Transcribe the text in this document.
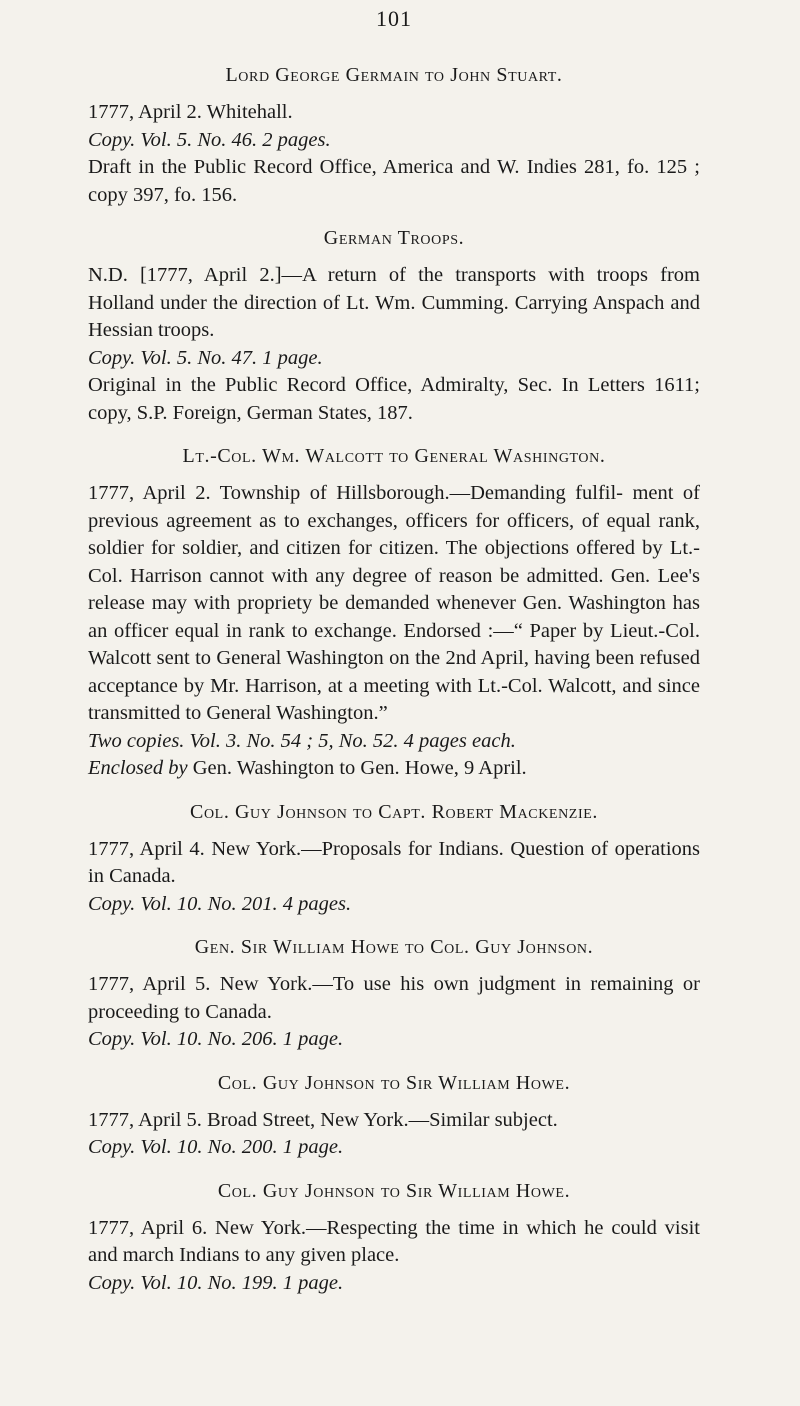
101
Lord George Germain to John Stuart.

1777, April 2. Whitehall.

Copy. Vol. 5. No. 46. 2 pages.

Draft in the Public Record Office, America and W. Indies 281, fo. 125 ; copy 397, fo. 156.

German Troops.

N.D. [1777, April 2.]—A return of the transports with troops from Holland under the direction of Lt. Wm. Cumming. Carrying Anspach and Hessian troops.

Copy. Vol. 5. No. 47. 1 page.

Original in the Public Record Office, Admiralty, Sec. In Letters 1611; copy, S.P. Foreign, German States, 187.

Lt.-Col. Wm. Walcott to General Washington.

1777, April 2. Township of Hillsborough.—Demanding fulfil- ment of previous agreement as to exchanges, officers for officers, of equal rank, soldier for soldier, and citizen for citizen. The objections offered by Lt.-Col. Harrison cannot with any degree of reason be admitted. Gen. Lee's release may with propriety be demanded whenever Gen. Washington has an officer equal in rank to exchange. Endorsed :—“ Paper by Lieut.-Col. Walcott sent to General Washington on the 2nd April, having been refused acceptance by Mr. Harrison, at a meeting with Lt.-Col. Walcott, and since transmitted to General Washington.”

Two copies. Vol. 3. No. 54 ; 5, No. 52. 4 pages each.

Enclosed by Gen. Washington to Gen. Howe, 9 April.

Col. Guy Johnson to Capt. Robert Mackenzie.

1777, April 4. New York.—Proposals for Indians. Question of operations in Canada.

Copy. Vol. 10. No. 201. 4 pages.

Gen. Sir William Howe to Col. Guy Johnson.

1777, April 5. New York.—To use his own judgment in remaining or proceeding to Canada.

Copy. Vol. 10. No. 206. 1 page.

Col. Guy Johnson to Sir William Howe.

1777, April 5. Broad Street, New York.—Similar subject.

Copy. Vol. 10. No. 200. 1 page.

Col. Guy Johnson to Sir William Howe.

1777, April 6. New York.—Respecting the time in which he could visit and march Indians to any given place.

Copy. Vol. 10. No. 199. 1 page.
